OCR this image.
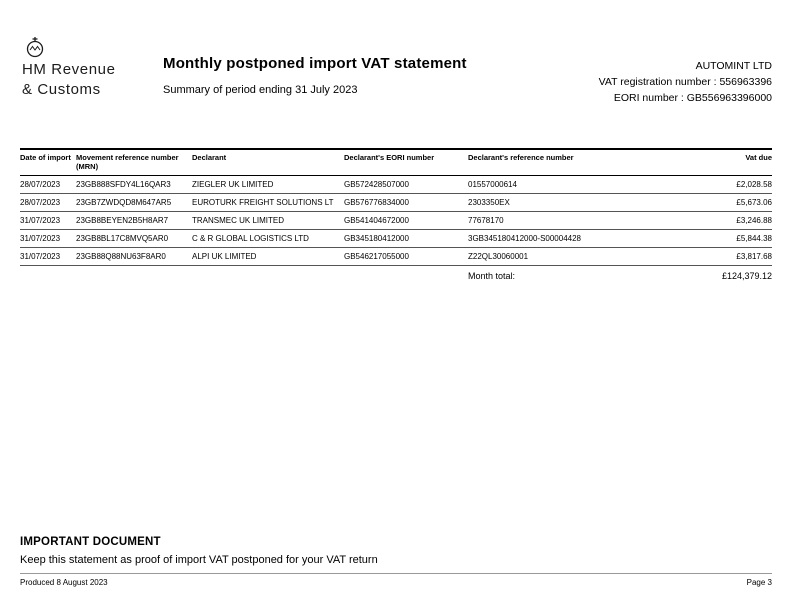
HM Revenue
& Customs
Monthly postponed import VAT statement
Summary of period ending 31 July 2023
AUTOMINT LTD
VAT registration number : 556963396
EORI number : GB556963396000
Date of import	Movement reference number (MRN)	Declarant	Declarant's EORI number	Declarant's reference number	Vat due
28/07/2023	23GB888SFDY4L16QAR3	ZIEGLER UK LIMITED	GB572428507000	01557000614	£2,028.58
28/07/2023	23GB7ZWDQD8M647AR5	EUROTURK FREIGHT SOLUTIONS LT	GB576776834000	2303350EX	£5,673.06
31/07/2023	23GB8BEYEN2B5H8AR7	TRANSMEC UK LIMITED	GB541404672000	77678170	£3,246.88
31/07/2023	23GB8BL17C8MVQ5AR0	C & R GLOBAL LOGISTICS LTD	GB345180412000	3GB345180412000-S00004428	£5,844.38
31/07/2023	23GB88Q88NU63F8AR0	ALPI UK LIMITED	GB546217055000	Z22QL30060001	£3,817.68
				Month total:	£124,379.12
IMPORTANT DOCUMENT
Keep this statement as proof of import VAT postponed for your VAT return
Produced 8 August 2023	Page 3
